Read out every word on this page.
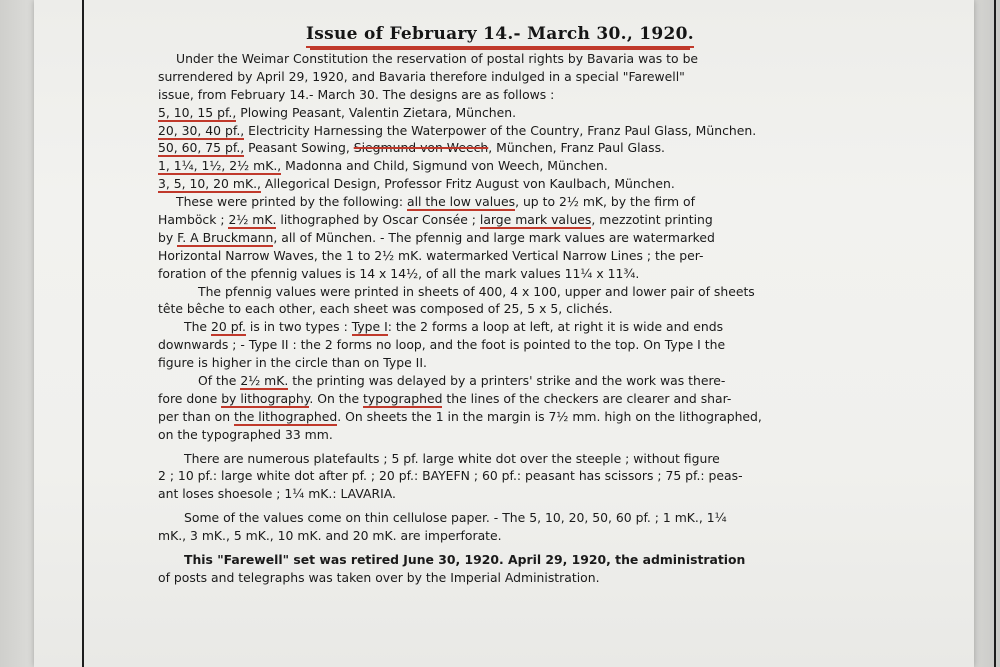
Issue of February 14.- March 30., 1920.
Under the Weimar Constitution the reservation of postal rights by Bavaria was to be
surrendered by April 29, 1920, and Bavaria therefore indulged in a special "Farewell"
issue, from February 14.- March 30. The designs are as follows :
5, 10, 15 pf., Plowing Peasant, Valentin Zietara, München.
20, 30, 40 pf., Electricity Harnessing the Waterpower of the Country, Franz Paul Glass, München.
50, 60, 75 pf., Peasant Sowing, Siegmund von Weech, München, Franz Paul Glass.
1, 1¼, 1½, 2½ mK., Madonna and Child, Sigmund von Weech, München.
3, 5, 10, 20 mK., Allegorical Design, Professor Fritz August von Kaulbach, München.
These were printed by the following: all the low values, up to 2½ mK, by the firm of
Hamböck ; 2½ mK. lithographed by Oscar Consée ; large mark values, mezzotint printing
by F. A Bruckmann, all of München. - The pfennig and large mark values are watermarked
Horizontal Narrow Waves, the 1 to 2½ mK. watermarked Vertical Narrow Lines ; the per-
foration of the pfennig values is 14 x 14½, of all the mark values 11¼ x 11¾.
The pfennig values were printed in sheets of 400, 4 x 100, upper and lower pair of sheets
tête bêche to each other, each sheet was composed of 25, 5 x 5, clichés.
The 20 pf. is in two types : Type I: the 2 forms a loop at left, at right it is wide and ends
downwards ; - Type II : the 2 forms no loop, and the foot is pointed to the top. On Type I the
figure is higher in the circle than on Type II.
Of the 2½ mK. the printing was delayed by a printers' strike and the work was there-
fore done by lithography. On the typographed the lines of the checkers are clearer and shar-
per than on the lithographed. On sheets the 1 in the margin is 7½ mm. high on the lithographed,
on the typographed 33 mm.
There are numerous platefaults ; 5 pf. large white dot over the steeple ; without figure
2 ; 10 pf.: large white dot after pf. ; 20 pf.: BAYEFN ; 60 pf.: peasant has scissors ; 75 pf.: peas-
ant loses shoesole ; 1¼ mK.: LAVARIA.
Some of the values come on thin cellulose paper. - The 5, 10, 20, 50, 60 pf. ; 1 mK., 1¼
mK., 3 mK., 5 mK., 10 mK. and 20 mK. are imperforate.
This "Farewell" set was retired June 30, 1920. April 29, 1920, the administration
of posts and telegraphs was taken over by the Imperial Administration.
